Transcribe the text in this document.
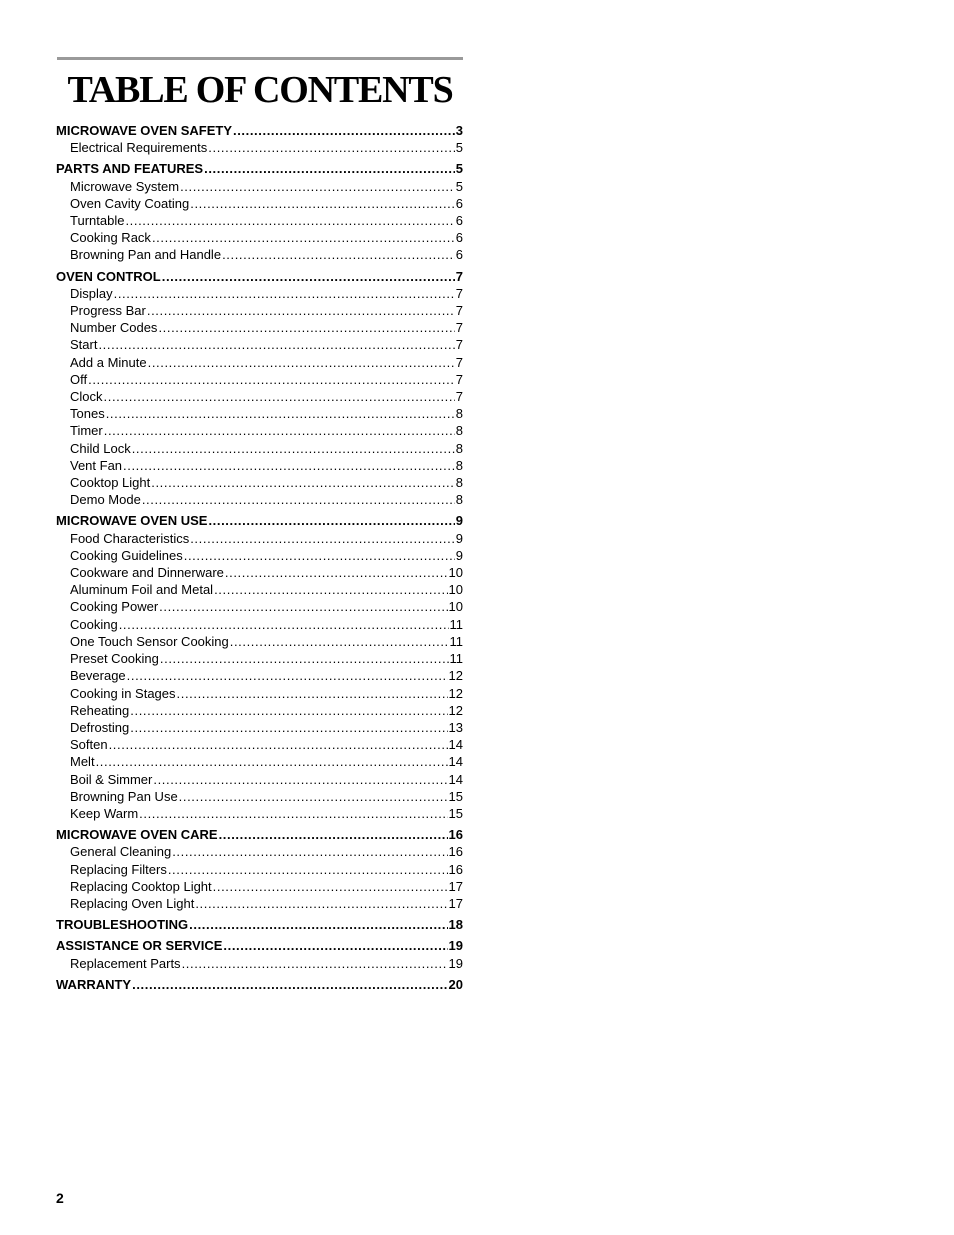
TABLE OF CONTENTS
MICROWAVE OVEN SAFETY .....	3
Electrical Requirements .....	5
PARTS AND FEATURES .....	5
Microwave System .....	5
Oven Cavity Coating .....	6
Turntable .....	6
Cooking Rack .....	6
Browning Pan and Handle .....	6
OVEN CONTROL .....	7
Display .....	7
Progress Bar .....	7
Number Codes .....	7
Start .....	7
Add a Minute .....	7
Off .....	7
Clock .....	7
Tones .....	8
Timer .....	8
Child Lock .....	8
Vent Fan .....	8
Cooktop Light .....	8
Demo Mode .....	8
MICROWAVE OVEN USE .....	9
Food Characteristics .....	9
Cooking Guidelines .....	9
Cookware and Dinnerware .....	10
Aluminum Foil and Metal .....	10
Cooking Power .....	10
Cooking .....	11
One Touch Sensor Cooking .....	11
Preset Cooking .....	11
Beverage .....	12
Cooking in Stages .....	12
Reheating .....	12
Defrosting .....	13
Soften .....	14
Melt .....	14
Boil & Simmer .....	14
Browning Pan Use .....	15
Keep Warm .....	15
MICROWAVE OVEN CARE .....	16
General Cleaning .....	16
Replacing Filters .....	16
Replacing Cooktop Light .....	17
Replacing Oven Light .....	17
TROUBLESHOOTING .....	18
ASSISTANCE OR SERVICE .....	19
Replacement Parts .....	19
WARRANTY .....	20
2
